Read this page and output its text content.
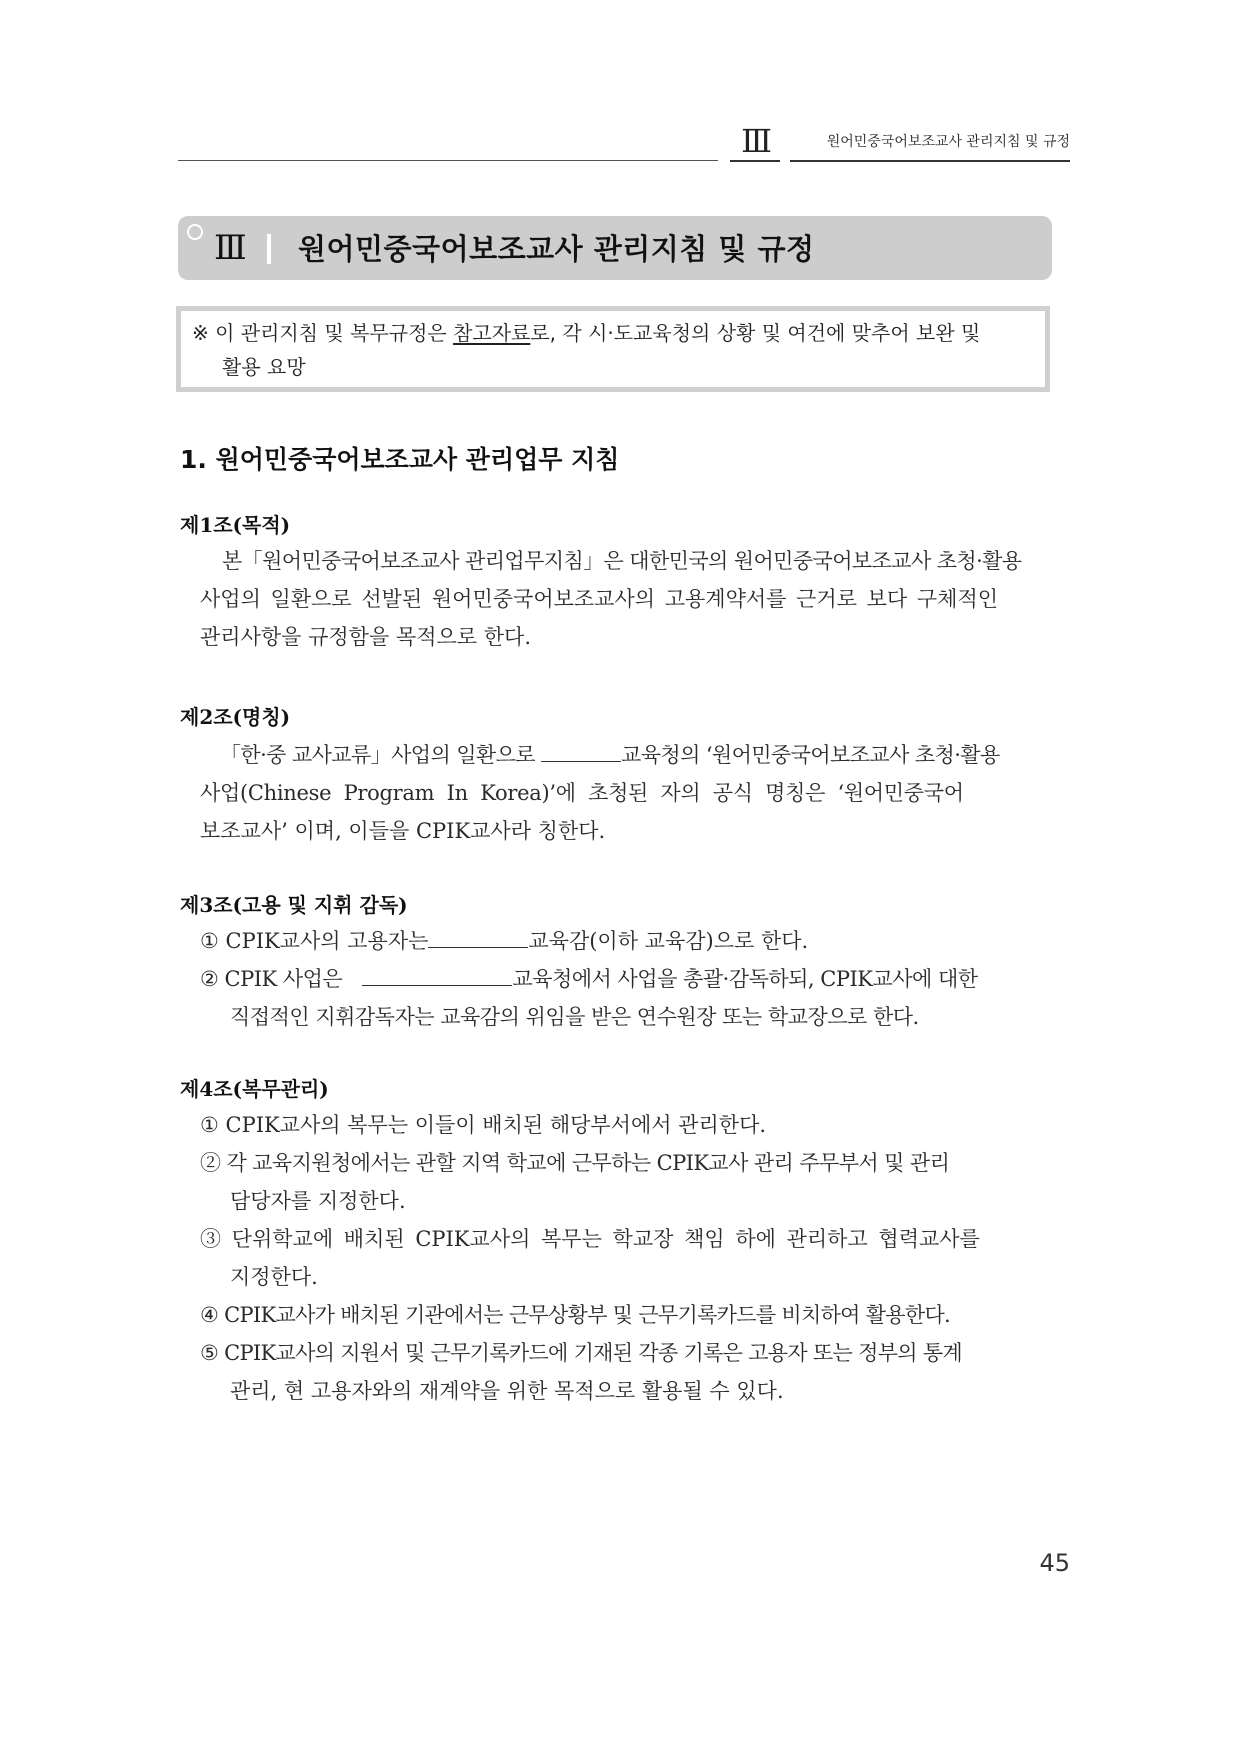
Ⅲ	원어민중국어보조교사 관리지침 및 규정
Ⅲ	원어민중국어보조교사 관리지침 및 규정
※ 이 관리지침 및 복무규정은 참고자료로, 각 시·도교육청의 상황 및 여건에 맞추어 보완 및
활용 요망
1. 원어민중국어보조교사 관리업무 지침
제1조(목적)
본「원어민중국어보조교사 관리업무지침」은 대한민국의 원어민중국어보조교사 초청·활용
사업의 일환으로 선발된 원어민중국어보조교사의 고용계약서를 근거로 보다 구체적인
관리사항을 규정함을 목적으로 한다.
제2조(명칭)
「한·중 교사교류」사업의 일환으로	교육청의 ‘원어민중국어보조교사 초청·활용
사업(Chinese Program In Korea)’에 초청된 자의 공식 명칭은 ‘원어민중국어
보조교사’ 이며, 이들을 CPIK교사라 칭한다.
제3조(고용 및 지휘 감독)
① CPIK교사의 고용자는	교육감(이하 교육감)으로 한다.
② CPIK 사업은	교육청에서 사업을 총괄·감독하되, CPIK교사에 대한
직접적인 지휘감독자는 교육감의 위임을 받은 연수원장 또는 학교장으로 한다.
제4조(복무관리)
① CPIK교사의 복무는 이들이 배치된 해당부서에서 관리한다.
② 각 교육지원청에서는 관할 지역 학교에 근무하는 CPIK교사 관리 주무부서 및 관리
담당자를 지정한다.
③ 단위학교에 배치된 CPIK교사의 복무는 학교장 책임 하에 관리하고 협력교사를
지정한다.
④ CPIK교사가 배치된 기관에서는 근무상황부 및 근무기록카드를 비치하여 활용한다.
⑤ CPIK교사의 지원서 및 근무기록카드에 기재된 각종 기록은 고용자 또는 정부의 통계
관리, 현 고용자와의 재계약을 위한 목적으로 활용될 수 있다.
45
